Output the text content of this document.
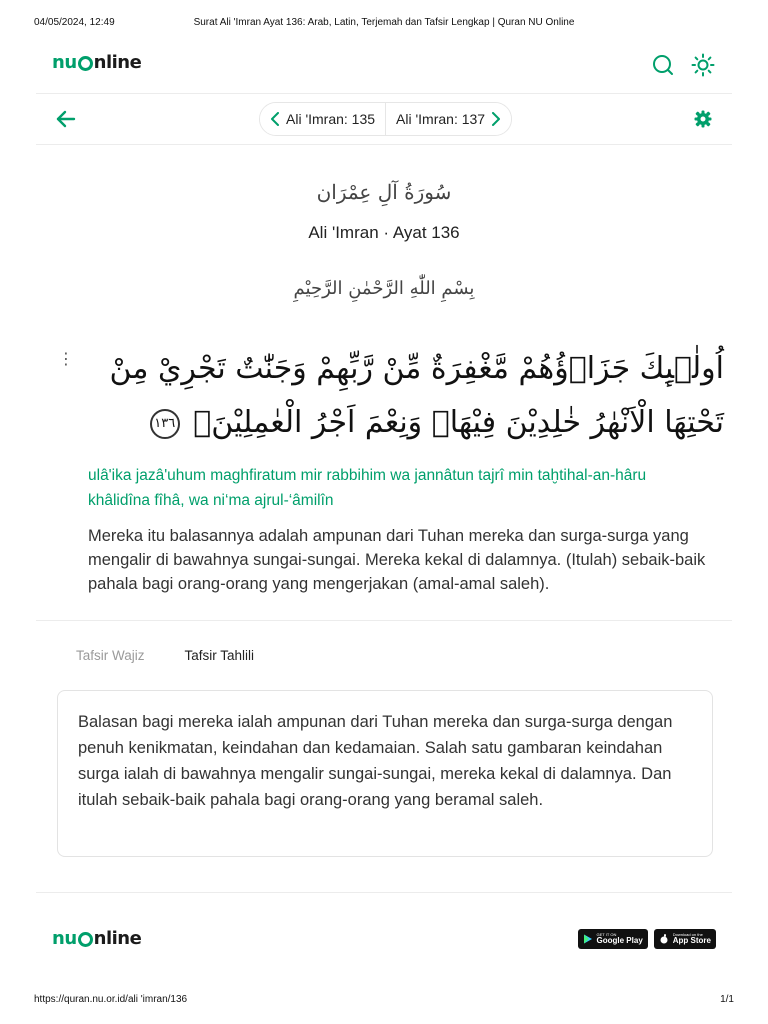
04/05/2024, 12:49	Surat Ali 'Imran Ayat 136: Arab, Latin, Terjemah dan Tafsir Lengkap | Quran NU Online
nu nline
Ali 'Imran: 135 Ali 'Imran: 137
سُورَةُ آلِ عِمْرَان
Ali 'Imran · Ayat 136
بِسْمِ اللّٰهِ الرَّحْمٰنِ الرَّحِيْمِ
⋮	اُولٰۤىِٕكَ جَزَاۤؤُهُمْ مَّغْفِرَةٌ مِّنْ رَّبِّهِمْ وَجَنّٰتٌ تَجْرِيْ مِنْ تَحْتِهَا الْاَنْهٰرُ خٰلِدِيْنَ فِيْهَاۗ وَنِعْمَ اَجْرُ الْعٰمِلِيْنَۗ ١٣٦
ulâ'ika jazâ'uhum maghfiratum mir rabbihim wa jannâtun tajrî min taḫtihal-an-hâru khâlidîna fîhâ, wa ni‘ma ajrul-‘âmilîn
Mereka itu balasannya adalah ampunan dari Tuhan mereka dan surga-surga yang mengalir di bawahnya sungai-sungai. Mereka kekal di dalamnya. (Itulah) sebaik-baik pahala bagi orang-orang yang mengerjakan (amal-amal saleh).
Tafsir Wajiz	Tafsir Tahlili

Balasan bagi mereka ialah ampunan dari Tuhan mereka dan surga-surga dengan penuh kenikmatan, keindahan dan kedamaian. Salah satu gambaran keindahan surga ialah di bawahnya mengalir sungai-sungai, mereka kekal di dalamnya. Dan itulah sebaik-baik pahala bagi orang-orang yang beramal saleh.

nu nline	GET IT ON
Google Play
Download on the
App Store
https://quran.nu.or.id/ali 'imran/136	1/1
